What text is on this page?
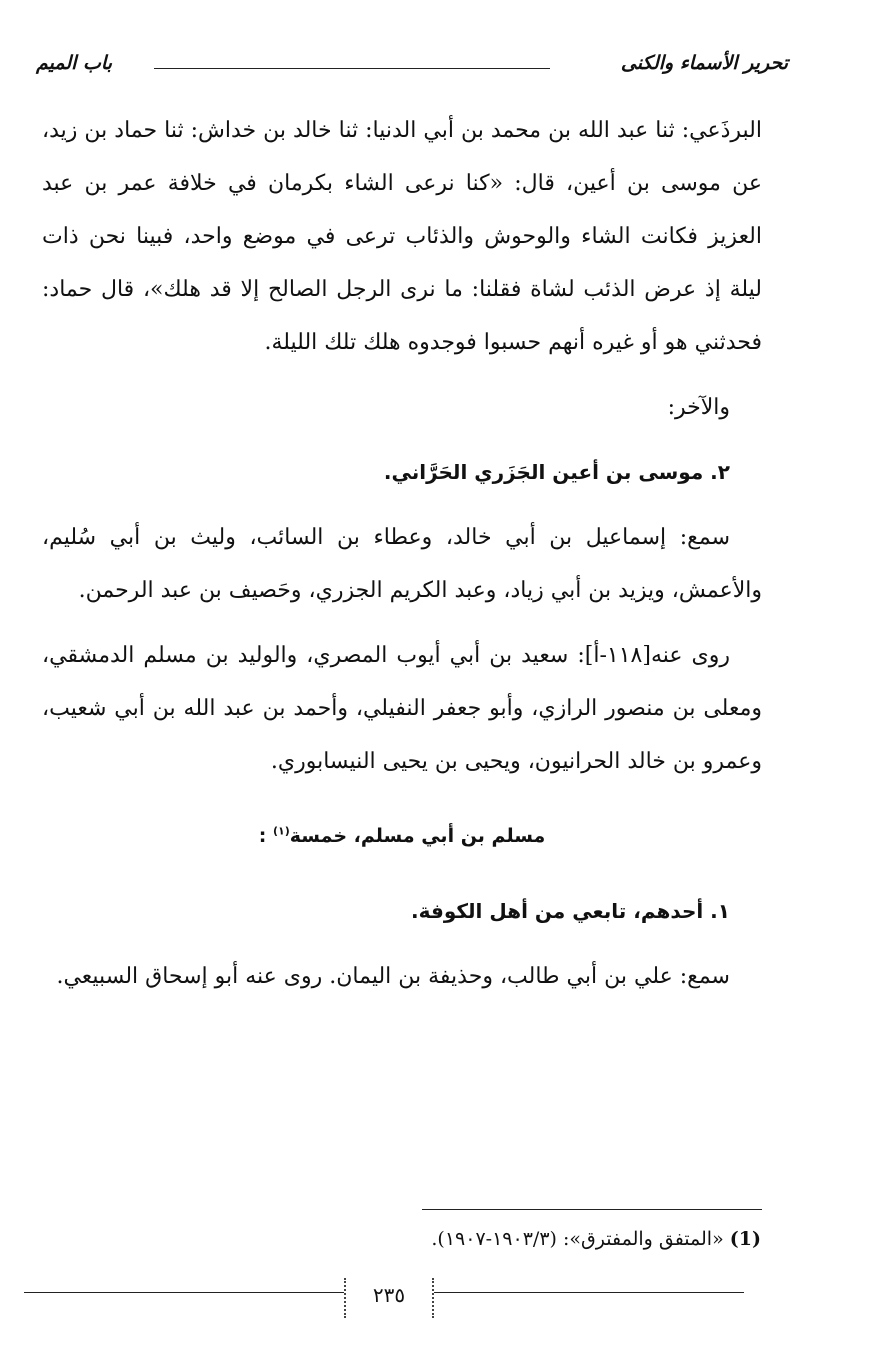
تحرير الأسماء والكنى
باب الميم

البرذَعي: ثنا عبد الله بن محمد بن أبي الدنيا: ثنا خالد بن خداش: ثنا حماد بن زيد، عن موسى بن أعين، قال: «كنا نرعى الشاء بكرمان في خلافة عمر بن عبد العزيز فكانت الشاء والوحوش والذئاب ترعى في موضع واحد، فبينا نحن ذات ليلة إذ عرض الذئب لشاة فقلنا: ما نرى الرجل الصالح إلا قد هلك»، قال حماد: فحدثني هو أو غيره أنهم حسبوا فوجدوه هلك تلك الليلة.

والآخر:

٢. موسى بن أعين الجَزَري الحَرَّاني.

سمع: إسماعيل بن أبي خالد، وعطاء بن السائب، وليث بن أبي سُليم، والأعمش، ويزيد بن أبي زياد، وعبد الكريم الجزري، وحَصيف بن عبد الرحمن.

روى عنه[١١٨-أ]: سعيد بن أبي أيوب المصري، والوليد بن مسلم الدمشقي، ومعلى بن منصور الرازي، وأبو جعفر النفيلي، وأحمد بن عبد الله بن أبي شعيب، وعمرو بن خالد الحرانيون، ويحيى بن يحيى النيسابوري.

مسلم بن أبي مسلم، خمسة$^{(١)}$ :

١. أحدهم، تابعي من أهل الكوفة.

سمع: علي بن أبي طالب، وحذيفة بن اليمان. روى عنه أبو إسحاق السبيعي.

(1) «المتفق والمفترق»: (١٩٠٣/٣-١٩٠٧).
٢٣٥
